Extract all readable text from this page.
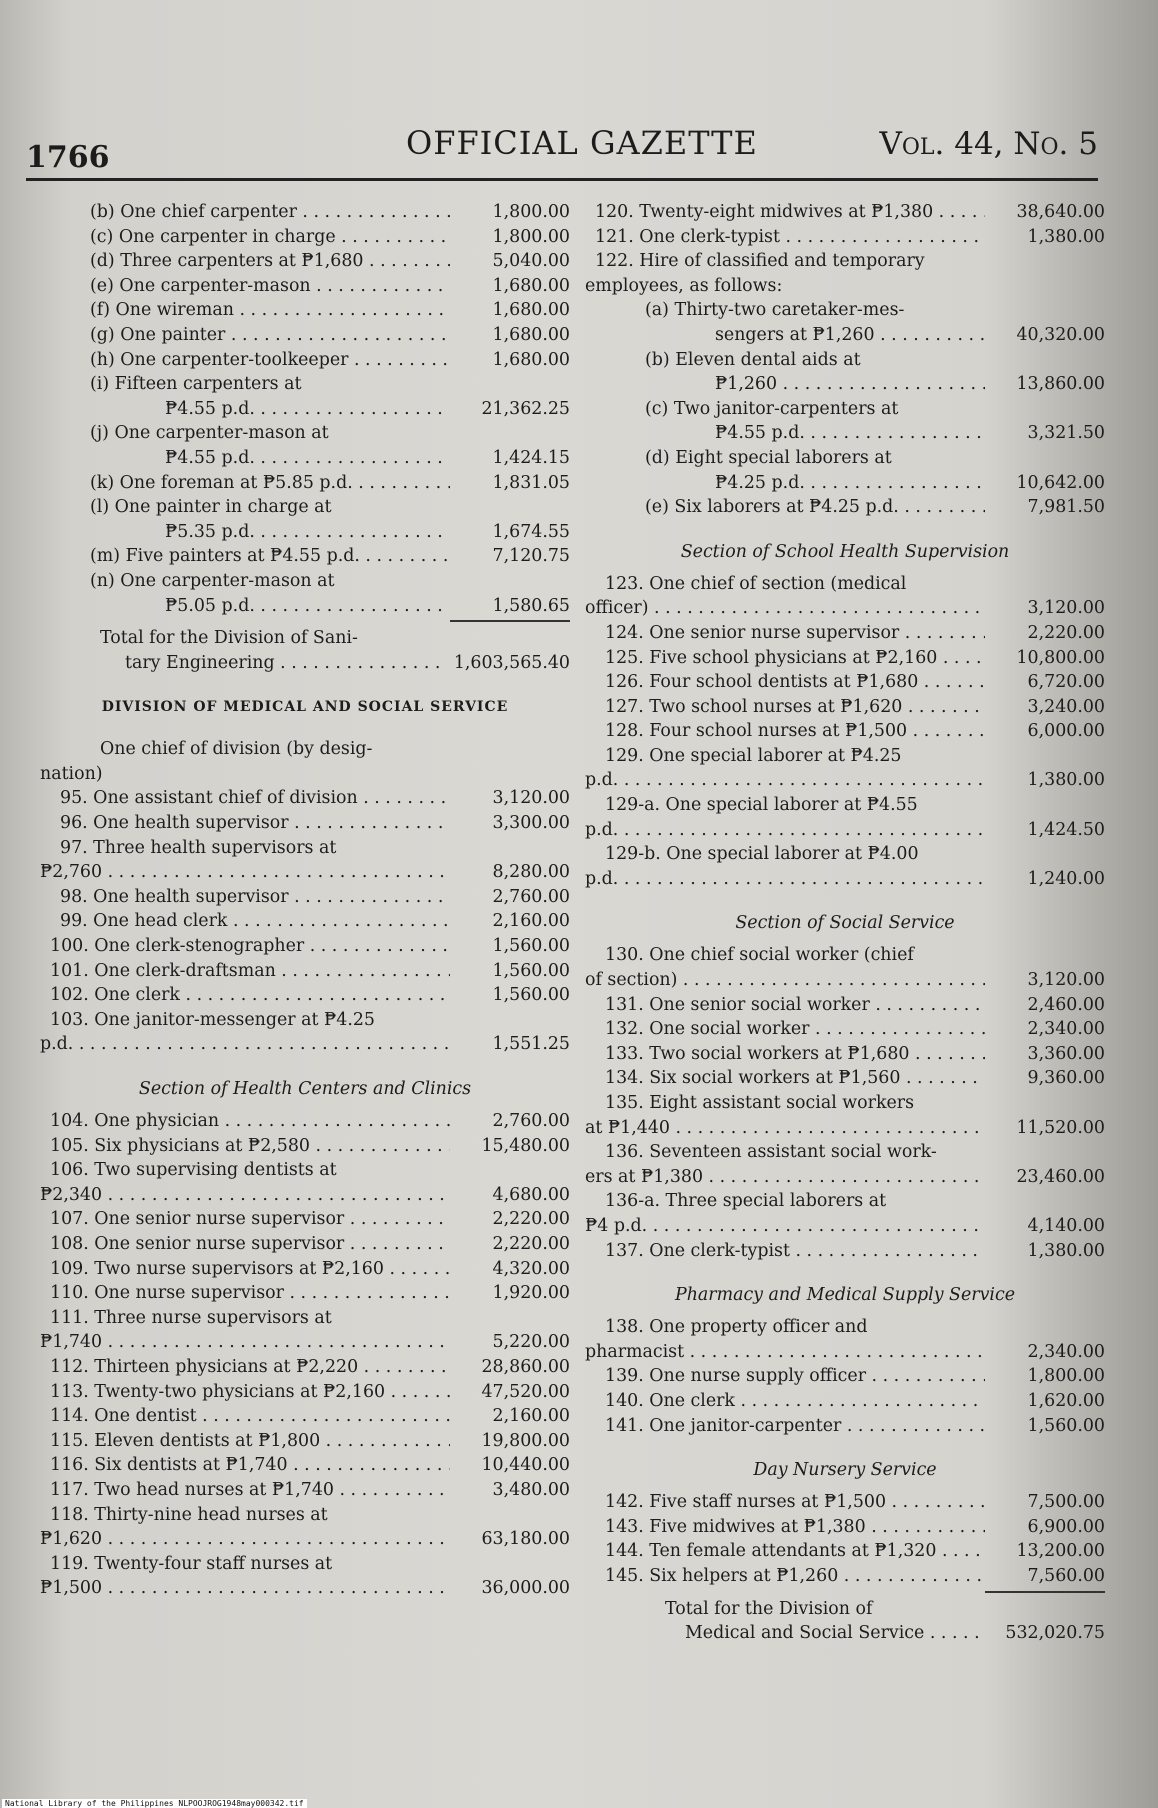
1766	OFFICIAL GAZETTE	Vol. 44, No. 5
(b) One chief carpenter . . .	1,800.00
(c) One carpenter in charge . . .	1,800.00
(d) Three carpenters at ₱1,680 . . .	5,040.00
(e) One carpenter-mason . . .	1,680.00
(f) One wireman . . .	1,680.00
(g) One painter . . .	1,680.00
(h) One carpenter-toolkeeper . . .	1,680.00
(i) Fifteen carpenters at
₱4.55 p.d. . . .	21,362.25
(j) One carpenter-mason at
₱4.55 p.d. . . .	1,424.15
(k) One foreman at ₱5.85 p.d. . . .	1,831.05
(l) One painter in charge at
₱5.35 p.d. . . .	1,674.55
(m) Five painters at ₱4.55 p.d. . . .	7,120.75
(n) One carpenter-mason at
₱5.05 p.d. . . .	1,580.65
Total for the Division of Sani-
tary Engineering . . .	1,603,565.40
DIVISION OF MEDICAL AND SOCIAL SERVICE
One chief of division (by desig-
nation)
95. One assistant chief of division . . .	3,120.00
96. One health supervisor . . .	3,300.00
97. Three health supervisors at
₱2,760 . . .	8,280.00
98. One health supervisor . . .	2,760.00
99. One head clerk . . .	2,160.00
100. One clerk-stenographer . . .	1,560.00
101. One clerk-draftsman . . .	1,560.00
102. One clerk . . .	1,560.00
103. One janitor-messenger at ₱4.25
p.d. . . .	1,551.25
Section of Health Centers and Clinics
104. One physician . . .	2,760.00
105. Six physicians at ₱2,580 . . .	15,480.00
106. Two supervising dentists at
₱2,340 . . .	4,680.00
107. One senior nurse supervisor . . .	2,220.00
108. One senior nurse supervisor . . .	2,220.00
109. Two nurse supervisors at ₱2,160 . . .	4,320.00
110. One nurse supervisor . . .	1,920.00
111. Three nurse supervisors at
₱1,740 . . .	5,220.00
112. Thirteen physicians at ₱2,220 . . .	28,860.00
113. Twenty-two physicians at ₱2,160 . . .	47,520.00
114. One dentist . . .	2,160.00
115. Eleven dentists at ₱1,800 . . .	19,800.00
116. Six dentists at ₱1,740 . . .	10,440.00
117. Two head nurses at ₱1,740 . . .	3,480.00
118. Thirty-nine head nurses at
₱1,620 . . .	63,180.00
119. Twenty-four staff nurses at
₱1,500 . . .	36,000.00
120. Twenty-eight midwives at ₱1,380 . . .	38,640.00
121. One clerk-typist . . .	1,380.00
122. Hire of classified and temporary
employees, as follows:
(a) Thirty-two caretaker-mes-
sengers at ₱1,260 . . .	40,320.00
(b) Eleven dental aids at
₱1,260 . . .	13,860.00
(c) Two janitor-carpenters at
₱4.55 p.d. . . .	3,321.50
(d) Eight special laborers at
₱4.25 p.d. . . .	10,642.00
(e) Six laborers at ₱4.25 p.d. . . .	7,981.50
Section of School Health Supervision
123. One chief of section (medical
officer) . . .	3,120.00
124. One senior nurse supervisor . . .	2,220.00
125. Five school physicians at ₱2,160 . . .	10,800.00
126. Four school dentists at ₱1,680 . . .	6,720.00
127. Two school nurses at ₱1,620 . . .	3,240.00
128. Four school nurses at ₱1,500 . . .	6,000.00
129. One special laborer at ₱4.25
p.d. . . .	1,380.00
129-a. One special laborer at ₱4.55
p.d. . . .	1,424.50
129-b. One special laborer at ₱4.00
p.d. . . .	1,240.00
Section of Social Service
130. One chief social worker (chief
of section) . . .	3,120.00
131. One senior social worker . . .	2,460.00
132. One social worker . . .	2,340.00
133. Two social workers at ₱1,680 . . .	3,360.00
134. Six social workers at ₱1,560 . . .	9,360.00
135. Eight assistant social workers
at ₱1,440 . . .	11,520.00
136. Seventeen assistant social work-
ers at ₱1,380 . . .	23,460.00
136-a. Three special laborers at
₱4 p.d. . . .	4,140.00
137. One clerk-typist . . .	1,380.00
Pharmacy and Medical Supply Service
138. One property officer and
pharmacist . . .	2,340.00
139. One nurse supply officer . . .	1,800.00
140. One clerk . . .	1,620.00
141. One janitor-carpenter . . .	1,560.00
Day Nursery Service
142. Five staff nurses at ₱1,500 . . .	7,500.00
143. Five midwives at ₱1,380 . . .	6,900.00
144. Ten female attendants at ₱1,320 . . .	13,200.00
145. Six helpers at ₱1,260 . . .	7,560.00
Total for the Division of
Medical and Social Service . . .	532,020.75
National Library of the Philippines NLPOOJROG1948may000342.tif
